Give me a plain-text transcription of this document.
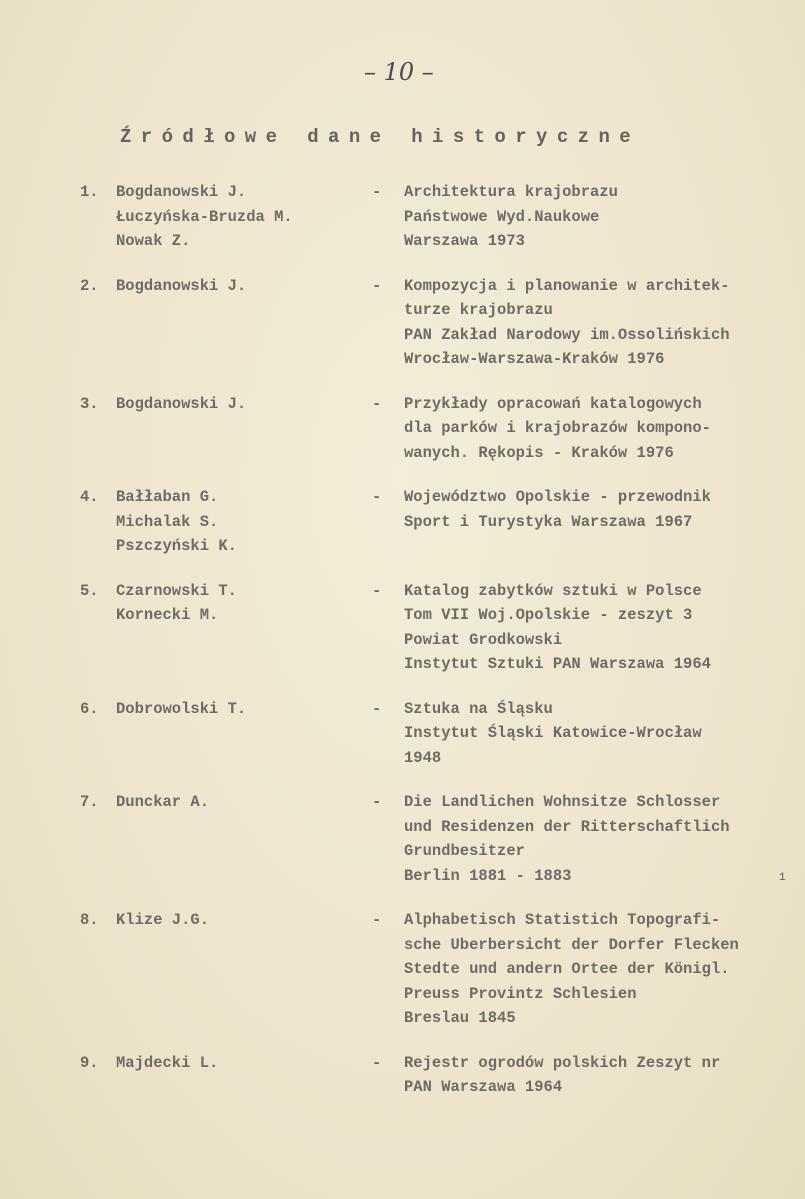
– 10 –
Źródłowe dane historyczne
1. Bogdanowski J.
Łuczyńska-Bruzda M.
Nowak Z.
- Architektura krajobrazu
Państwowe Wyd.Naukowe
Warszawa 1973
2. Bogdanowski J.	- Kompozycja i planowanie w architek-
turze krajobrazu
PAN Zakład Narodowy im.Ossolińskich
Wrocław-Warszawa-Kraków 1976
3. Bogdanowski J.	- Przykłady opracowań katalogowych
dla parków i krajobrazów kompono-
wanych. Rękopis - Kraków 1976
4. Bałłaban G.
Michalak S.
Pszczyński K.
- Województwo Opolskie - przewodnik
Sport i Turystyka Warszawa 1967
5. Czarnowski T.
Kornecki M.
- Katalog zabytków sztuki w Polsce
Tom VII Woj.Opolskie - zeszyt 3
Powiat Grodkowski
Instytut Sztuki PAN Warszawa 1964
6. Dobrowolski T.	- Sztuka na Śląsku
Instytut Śląski Katowice-Wrocław
1948
7. Dunckar A.	- Die Landlichen Wohnsitze Schlosser
und Residenzen der Ritterschaftlich
Grundbesitzer
Berlin 1881 - 1883
8. Klize J.G.	- Alphabetisch Statistich Topografi-
sche Uberbersicht der Dorfer Flecken
Stedte und andern Ortee der Königl.
Preuss Provintz Schlesien
Breslau 1845
9. Majdecki L.	- Rejestr ogrodów polskich Zeszyt nr
PAN Warszawa 1964
1
